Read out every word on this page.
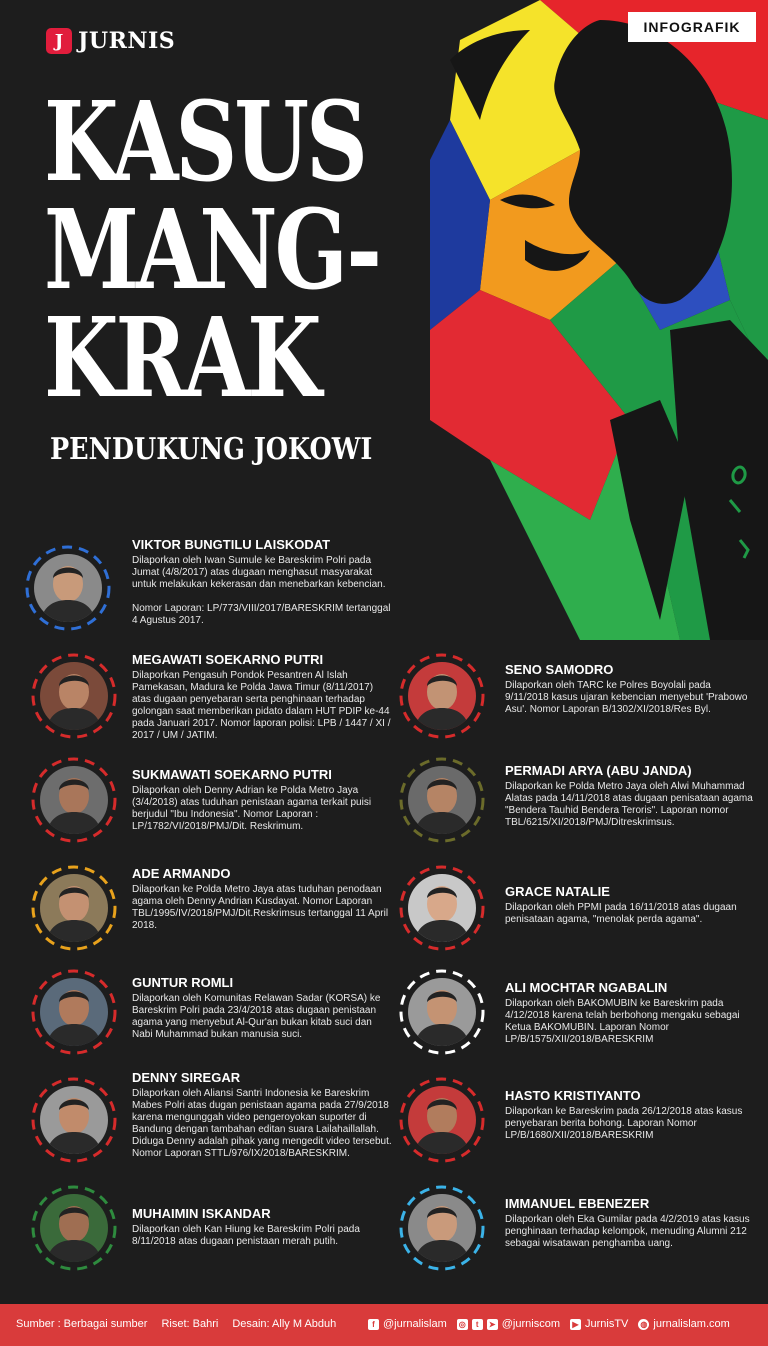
J JURNIS
INFOGRAFIK
KASUS
MANG-
KRAK
PENDUKUNG JOKOWI
VIKTOR BUNGTILU LAISKODAT
Dilaporkan oleh Iwan Sumule ke Bareskrim Polri pada Jumat (4/8/2017) atas dugaan menghasut masyarakat untuk melakukan kekerasan dan menebarkan kebencian.

Nomor Laporan: LP/773/VIII/2017/BARESKRIM tertanggal 4 Agustus 2017.
MEGAWATI SOEKARNO PUTRI
Dilaporkan Pengasuh Pondok Pesantren Al Islah Pamekasan, Madura ke Polda Jawa Timur (8/11/2017) atas dugaan penyebaran serta penghinaan terhadap golongan saat memberikan pidato dalam HUT PDIP ke-44 pada Januari 2017. Nomor laporan polisi: LPB / 1447 / XI / 2017 / UM / JATIM.
SUKMAWATI SOEKARNO PUTRI
Dilaporkan oleh Denny Adrian ke Polda Metro Jaya (3/4/2018) atas tuduhan penistaan agama terkait puisi berjudul "Ibu Indonesia". Nomor Laporan : LP/1782/VI/2018/PMJ/Dit. Reskrimum.
ADE ARMANDO
Dilaporkan ke Polda Metro Jaya atas tuduhan penodaan agama oleh Denny Andrian Kusdayat. Nomor Laporan TBL/1995/IV/2018/PMJ/Dit.Reskrimsus tertanggal 11 April 2018.
GUNTUR ROMLI
Dilaporkan oleh Komunitas Relawan Sadar (KORSA) ke Bareskrim Polri pada 23/4/2018 atas dugaan penistaan agama yang menyebut Al-Qur'an bukan kitab suci dan Nabi Muhammad bukan manusia suci.
DENNY SIREGAR
Dilaporkan oleh Aliansi Santri Indonesia ke Bareskrim Mabes Polri atas dugan penistaan agama pada 27/9/2018 karena mengunggah video pengeroyokan suporter di Bandung dengan tambahan editan suara Lailahaillallah. Diduga Denny adalah pihak yang mengedit video tersebut. Nomor Laporan STTL/976/IX/2018/BARESKRIM.
MUHAIMIN ISKANDAR
Dilaporkan oleh Kan Hiung ke Bareskrim Polri pada 8/11/2018 atas dugaan penistaan merah putih.
SENO SAMODRO
Dilaporkan oleh TARC ke Polres Boyolali pada 9/11/2018 kasus ujaran kebencian menyebut 'Prabowo Asu'. Nomor Laporan B/1302/XI/2018/Res Byl.
PERMADI ARYA (ABU JANDA)
Dilaporkan ke Polda Metro Jaya oleh Alwi Muhammad Alatas pada 14/11/2018 atas dugaan penisataan agama "Bendera Tauhid Bendera Teroris". Laporan nomor TBL/6215/XI/2018/PMJ/Ditreskrimsus.
GRACE NATALIE
Dilaporkan oleh PPMI pada 16/11/2018 atas dugaan penisataan agama, "menolak perda agama".
ALI MOCHTAR NGABALIN
Dilaporkan oleh BAKOMUBIN ke Bareskrim pada 4/12/2018 karena telah berbohong mengaku sebagai Ketua BAKOMUBIN. Laporan Nomor LP/B/1575/XII/2018/BARESKRIM
HASTO KRISTIYANTO
Dilaporkan ke Bareskrim pada 26/12/2018 atas kasus penyebaran berita bohong. Laporan Nomor LP/B/1680/XII/2018/BARESKRIM
IMMANUEL EBENEZER
Dilaporkan oleh Eka Gumilar pada 4/2/2019 atas kasus penghinaan terhadap kelompok, menuding Alumni 212 sebagai wisatawan penghamba uang.
Sumber : Berbagai sumber Riset: Bahri Desain: Ally M Abduh	f @jurnalislam ◎	t	➤ @jurniscom	▶ JurnisTV ◍ jurnalislam.com
